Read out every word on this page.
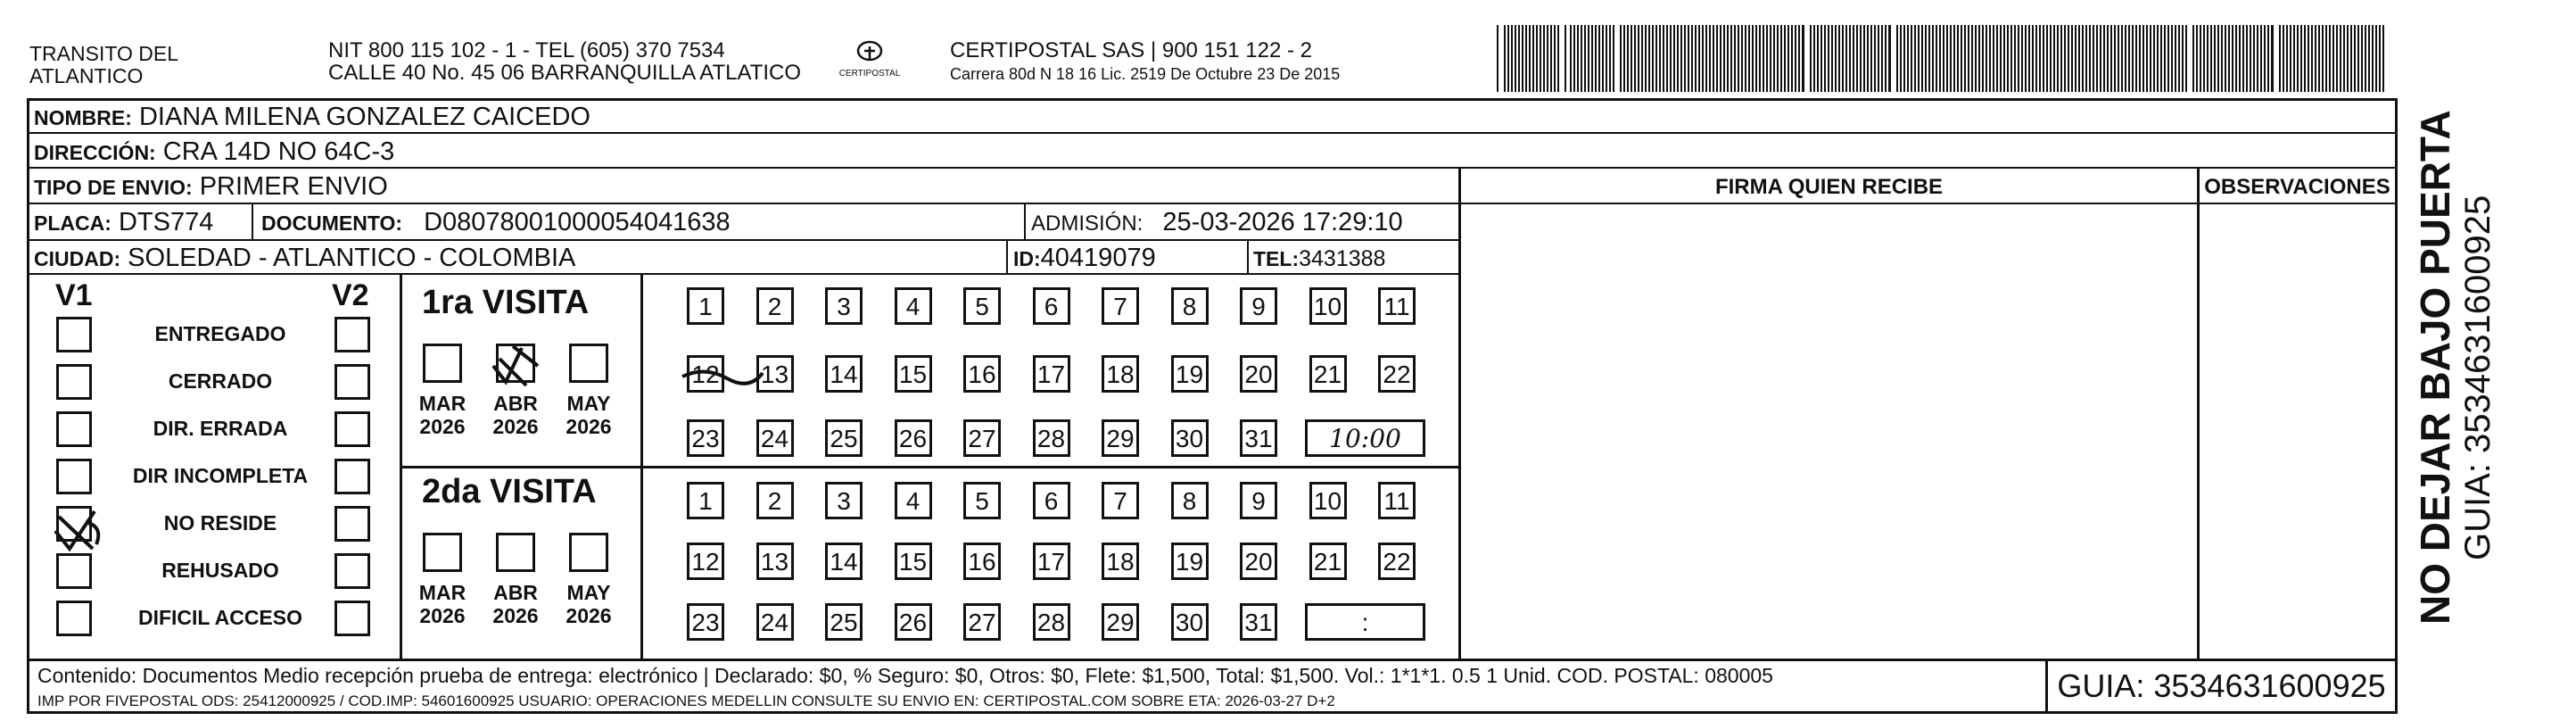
TRANSITO DEL
ATLANTICO
NIT 800 115 102 - 1 - TEL (605) 370 7534
CALLE 40 No. 45 06 BARRANQUILLA ATLATICO	CERTIPOSTAL
CERTIPOSTAL SAS | 900 151 122 - 2
Carrera 80d N 18 16 Lic. 2519 De Octubre 23 De 2015
NOMBRE: DIANA MILENA GONZALEZ CAICEDO
DIRECCIÓN: CRA 14D NO 64C-3
TIPO DE ENVIO: PRIMER ENVIO
PLACA: DTS774 DOCUMENTO: D08078001000054041638	ADMISIÓN: 25-03-2026 17:29:10
CIUDAD: SOLEDAD - ATLANTICO - COLOMBIA	ID:40419079	TEL:3431388
FIRMA QUIEN RECIBE	OBSERVACIONES
V1	V2
ENTREGADO
CERRADO
DIR. ERRADA
DIR INCOMPLETA
NO RESIDE
REHUSADO
DIFICIL ACCESO
1ra VISITA
2da VISITA
MAR
2026
ABR
2026
MAY
2026
MAR
2026
ABR
2026
MAY
2026
1	2	3	4	5	6	7	8	9	10 11
12 13 14 15 16 17 18 19 20 21 22
23 24 25 26 27 28 29 30 31	10:00
1	2	3	4	5	6	7	8	9	10 11
12 13 14 15 16 17 18 19 20 21 22
23 24 25 26 27 28 29 30 31	:
Contenido: Documentos Medio recepción prueba de entrega: electrónico | Declarado: $0, % Seguro: $0, Otros: $0, Flete: $1,500, Total: $1,500. Vol.: 1*1*1. 0.5 1 Unid. COD. POSTAL: 080005
IMP POR FIVEPOSTAL ODS: 25412000925 / COD.IMP: 54601600925 USUARIO: OPERACIONES MEDELLIN CONSULTE SU ENVIO EN: CERTIPOSTAL.COM SOBRE ETA: 2026-03-27 D+2	GUIA: 3534631600925
NO DEJAR BAJO PUERTA GUIA: 3534631600925
